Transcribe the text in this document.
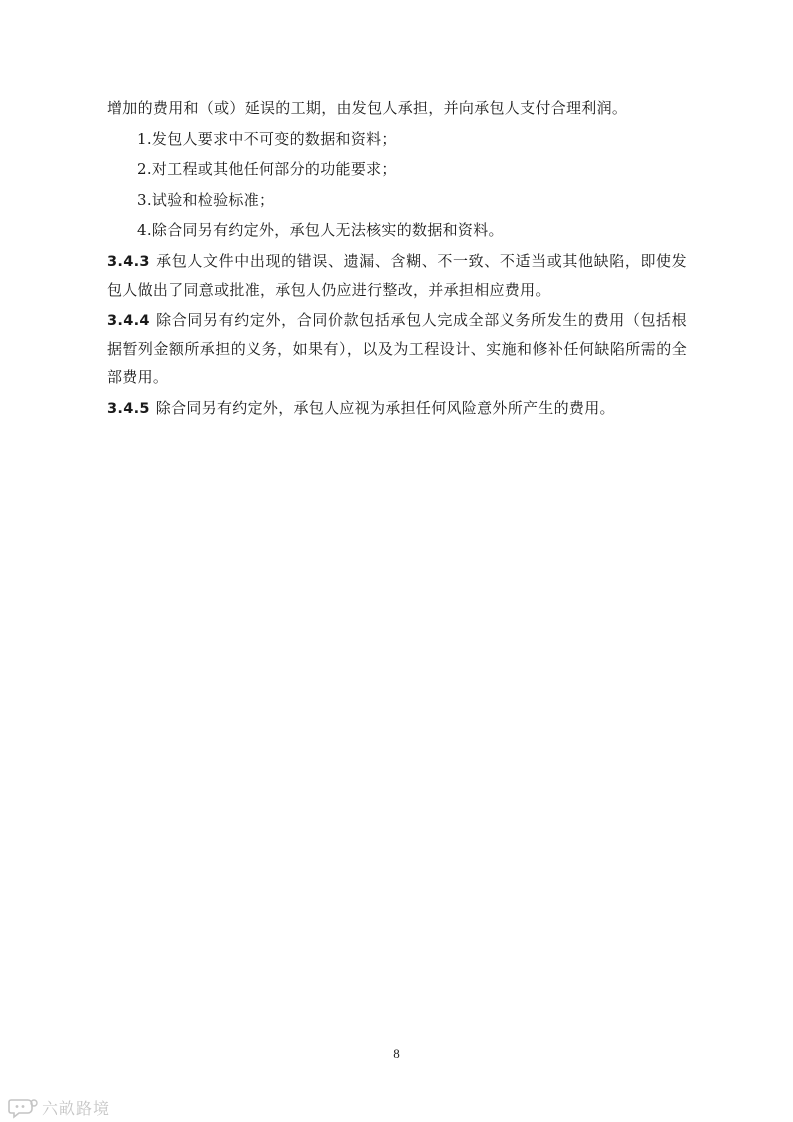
增加的费用和（或）延误的工期，由发包人承担，并向承包人支付合理利润。

1.发包人要求中不可变的数据和资料；

2.对工程或其他任何部分的功能要求；

3.试验和检验标准；

4.除合同另有约定外，承包人无法核实的数据和资料。

3.4.3 承包人文件中出现的错误、遗漏、含糊、不一致、不适当或其他缺陷，即使发包人做出了同意或批准，承包人仍应进行整改，并承担相应费用。

3.4.4 除合同另有约定外，合同价款包括承包人完成全部义务所发生的费用（包括根据暂列金额所承担的义务，如果有），以及为工程设计、实施和修补任何缺陷所需的全部费用。

3.4.5 除合同另有约定外，承包人应视为承担任何风险意外所产生的费用。

8
六畝路境
